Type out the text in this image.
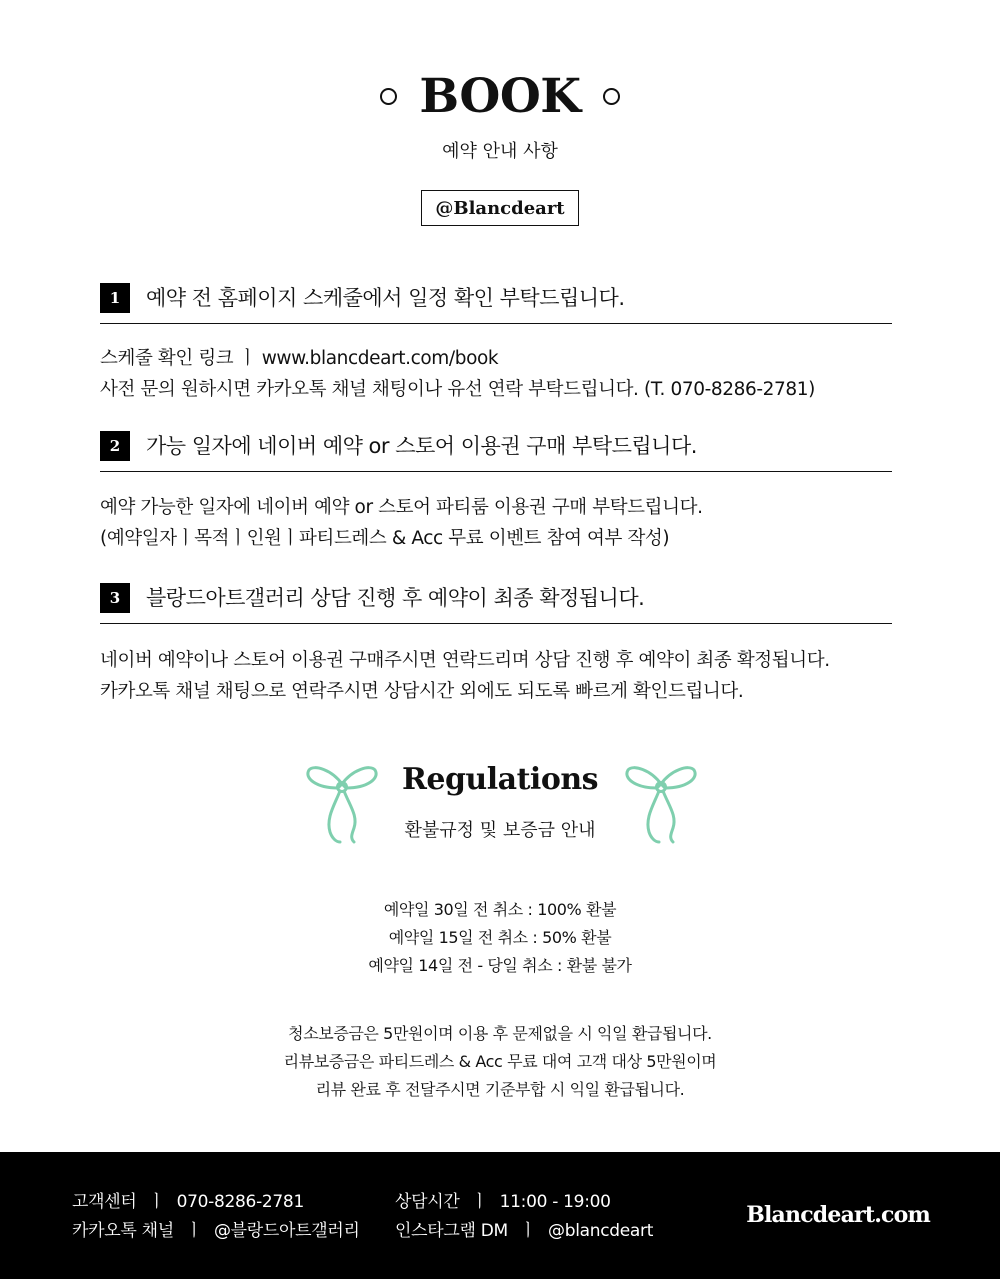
BOOK
예약 안내 사항
@Blancdeart
1	예약 전 홈페이지 스케줄에서 일정 확인 부탁드립니다.
스케줄 확인 링크 ㅣ www.blancdeart.com/book
사전 문의 원하시면 카카오톡 채널 채팅이나 유선 연락 부탁드립니다. (T. 070-8286-2781)
2	가능 일자에 네이버 예약 or 스토어 이용권 구매 부탁드립니다.
예약 가능한 일자에 네이버 예약 or 스토어 파티룸 이용권 구매 부탁드립니다.
(예약일자ㅣ목적ㅣ인원ㅣ파티드레스 & Acc 무료 이벤트 참여 여부 작성)
3	블랑드아트갤러리 상담 진행 후 예약이 최종 확정됩니다.
네이버 예약이나 스토어 이용권 구매주시면 연락드리며 상담 진행 후 예약이 최종 확정됩니다.
카카오톡 채널 채팅으로 연락주시면 상담시간 외에도 되도록 빠르게 확인드립니다.
Regulations
환불규정 및 보증금 안내
예약일 30일 전 취소 : 100% 환불
예약일 15일 전 취소 : 50% 환불
예약일 14일 전 - 당일 취소 : 환불 불가
청소보증금은 5만원이며 이용 후 문제없을 시 익일 환급됩니다.
리뷰보증금은 파티드레스 & Acc 무료 대여 고객 대상 5만원이며
리뷰 완료 후 전달주시면 기준부합 시 익일 환급됩니다.
고객센터 ㅣ 070-8286-2781
카카오톡 채널 ㅣ @블랑드아트갤러리
상담시간 ㅣ 11:00 - 19:00
인스타그램 DM ㅣ @blancdeart
Blancdeart.com
